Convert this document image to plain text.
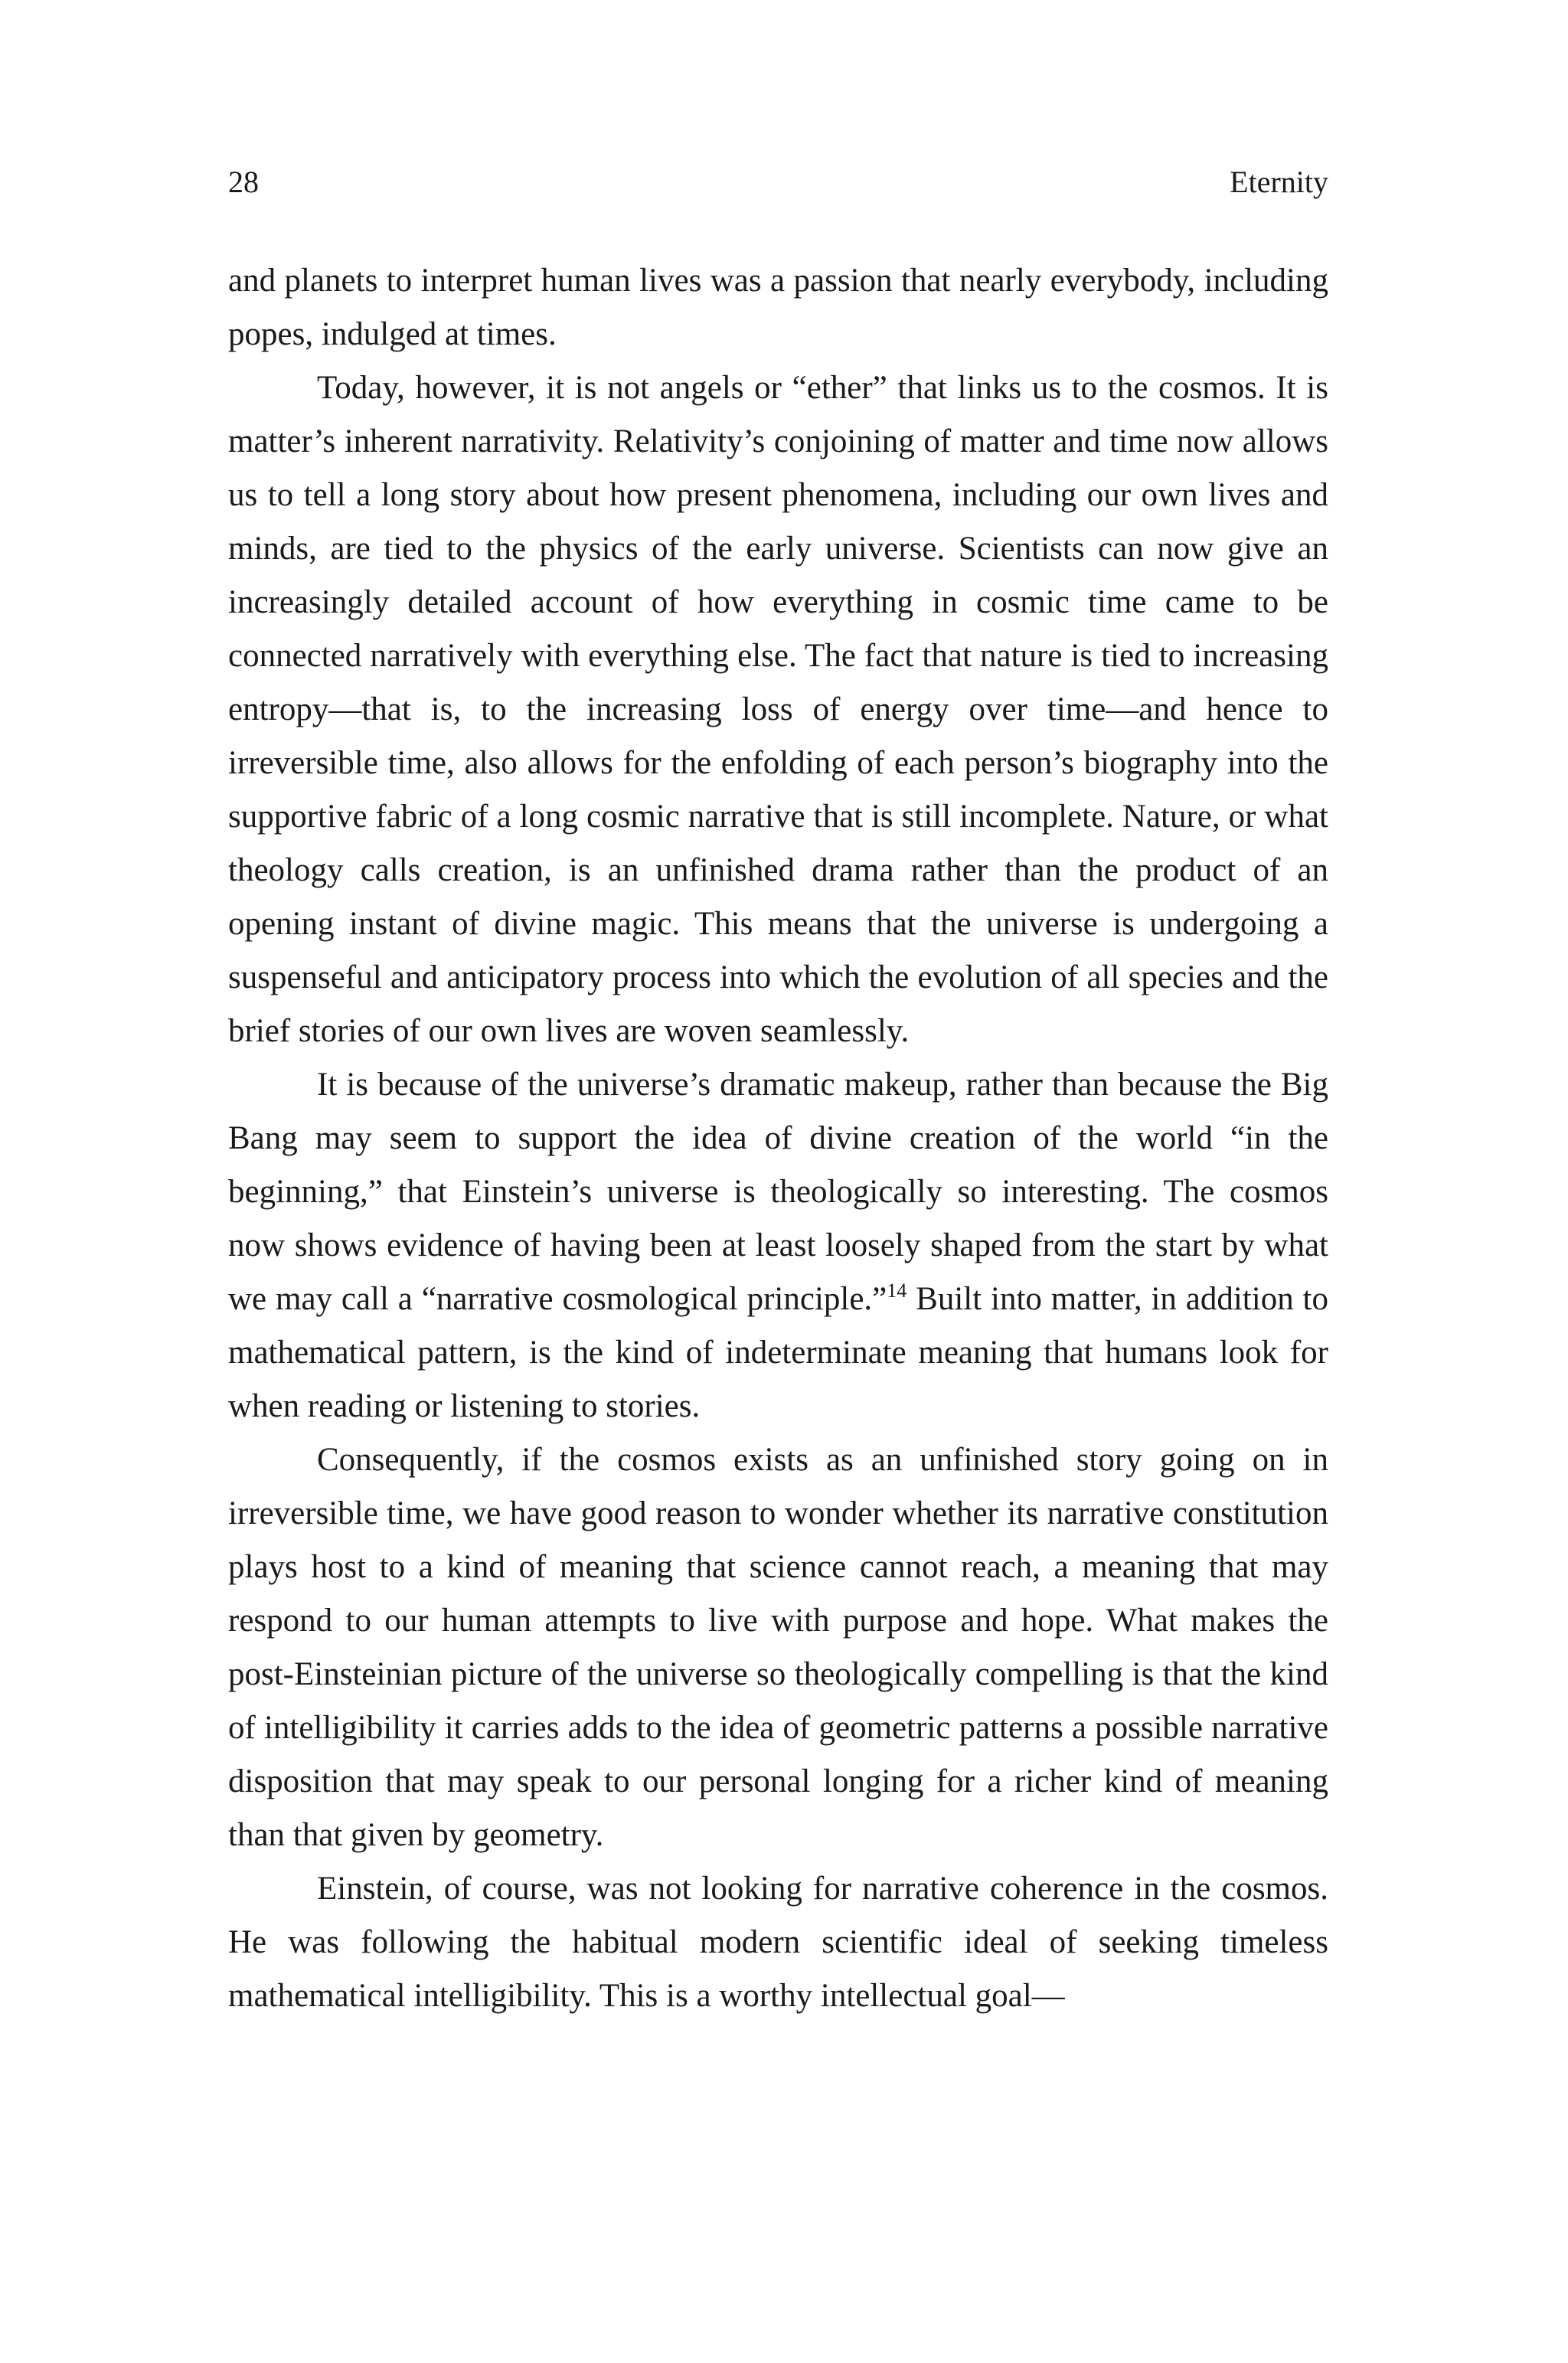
28	Eternity

and planets to interpret human lives was a passion that nearly everybody, including popes, indulged at times.

Today, however, it is not angels or “ether” that links us to the cosmos. It is matter’s inherent narrativity. Relativity’s conjoining of matter and time now allows us to tell a long story about how present phenomena, including our own lives and minds, are tied to the physics of the early universe. Scientists can now give an increasingly detailed account of how everything in cosmic time came to be connected narratively with everything else. The fact that nature is tied to increasing entropy—that is, to the increasing loss of energy over time—and hence to irreversible time, also allows for the enfolding of each person’s biography into the supportive fabric of a long cosmic narrative that is still incomplete. Nature, or what theology calls creation, is an unfinished drama rather than the product of an opening instant of divine magic. This means that the universe is undergoing a suspenseful and anticipatory process into which the evolution of all species and the brief stories of our own lives are woven seamlessly.

It is because of the universe’s dramatic makeup, rather than because the Big Bang may seem to support the idea of divine creation of the world “in the beginning,” that Einstein’s universe is theologically so interesting. The cosmos now shows evidence of having been at least loosely shaped from the start by what we may call a “narrative cosmological principle.”$^{14}$ Built into matter, in addition to mathematical pattern, is the kind of indeterminate meaning that humans look for when reading or listening to stories.

Consequently, if the cosmos exists as an unfinished story going on in irreversible time, we have good reason to wonder whether its narrative constitution plays host to a kind of meaning that science cannot reach, a meaning that may respond to our human attempts to live with purpose and hope. What makes the post-Einsteinian picture of the universe so theologically compelling is that the kind of intelligibility it carries adds to the idea of geometric patterns a possible narrative disposition that may speak to our personal longing for a richer kind of meaning than that given by geometry.

Einstein, of course, was not looking for narrative coherence in the cosmos. He was following the habitual modern scientific ideal of seeking timeless mathematical intelligibility. This is a worthy intellectual goal—
